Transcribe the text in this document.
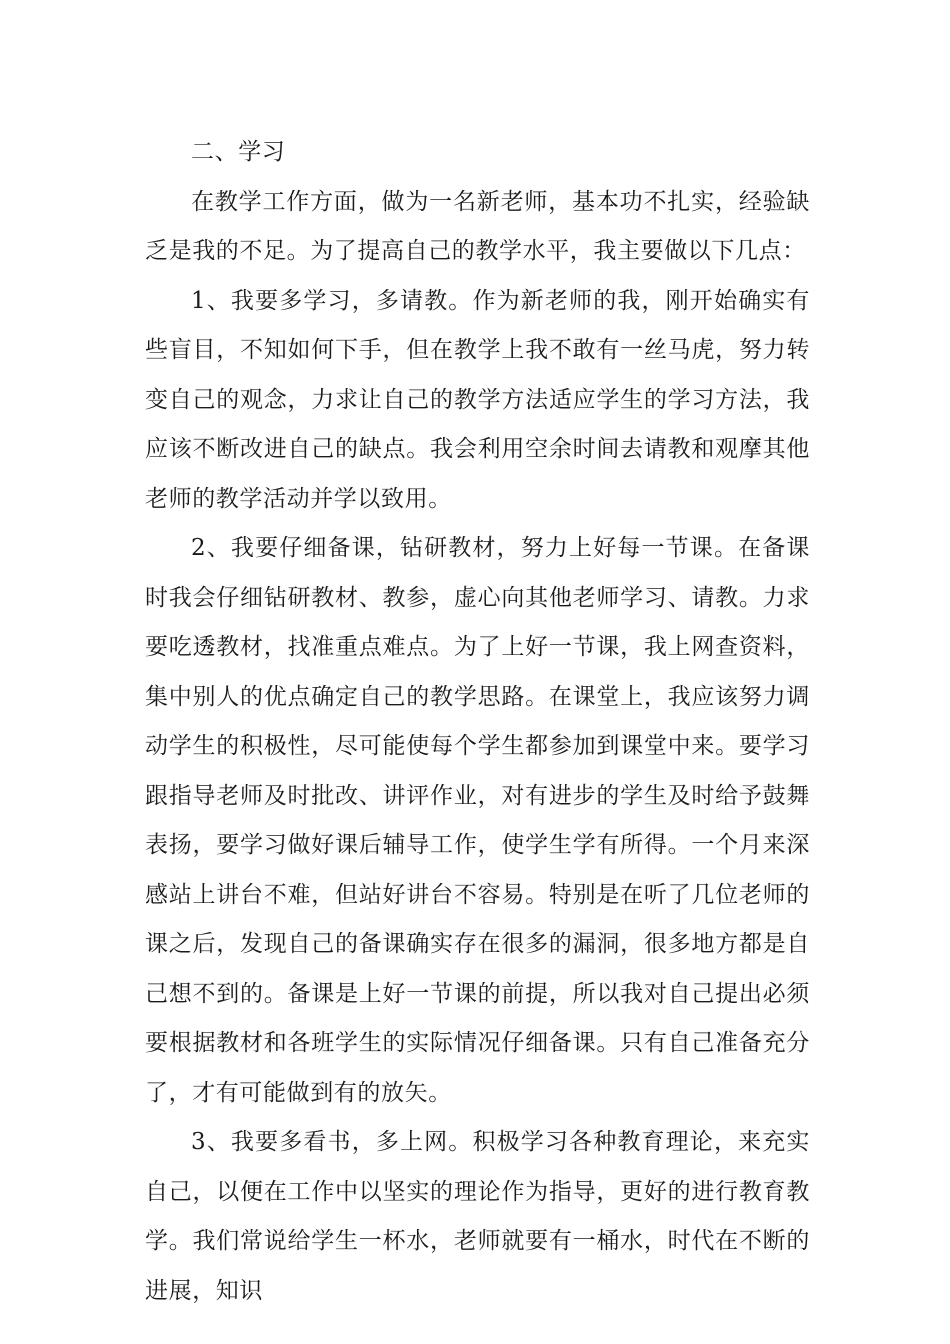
二、学习

在教学工作方面，做为一名新老师，基本功不扎实，经验缺乏是我的不足。为了提高自己的教学水平，我主要做以下几点：

1、我要多学习，多请教。作为新老师的我，刚开始确实有些盲目，不知如何下手，但在教学上我不敢有一丝马虎，努力转变自己的观念，力求让自己的教学方法适应学生的学习方法，我应该不断改进自己的缺点。我会利用空余时间去请教和观摩其他老师的教学活动并学以致用。

2、我要仔细备课，钻研教材，努力上好每一节课。在备课时我会仔细钻研教材、教参，虚心向其他老师学习、请教。力求要吃透教材，找准重点难点。为了上好一节课，我上网查资料，集中别人的优点确定自己的教学思路。在课堂上，我应该努力调动学生的积极性，尽可能使每个学生都参加到课堂中来。要学习跟指导老师及时批改、讲评作业，对有进步的学生及时给予鼓舞表扬，要学习做好课后辅导工作，使学生学有所得。一个月来深感站上讲台不难，但站好讲台不容易。特别是在听了几位老师的课之后，发现自己的备课确实存在很多的漏洞，很多地方都是自己想不到的。备课是上好一节课的前提，所以我对自己提出必须要根据教材和各班学生的实际情况仔细备课。只有自己准备充分了，才有可能做到有的放矢。

3、我要多看书，多上网。积极学习各种教育理论，来充实自己，以便在工作中以坚实的理论作为指导，更好的进行教育教学。我们常说给学生一杯水，老师就要有一桶水，时代在不断的进展，知识
